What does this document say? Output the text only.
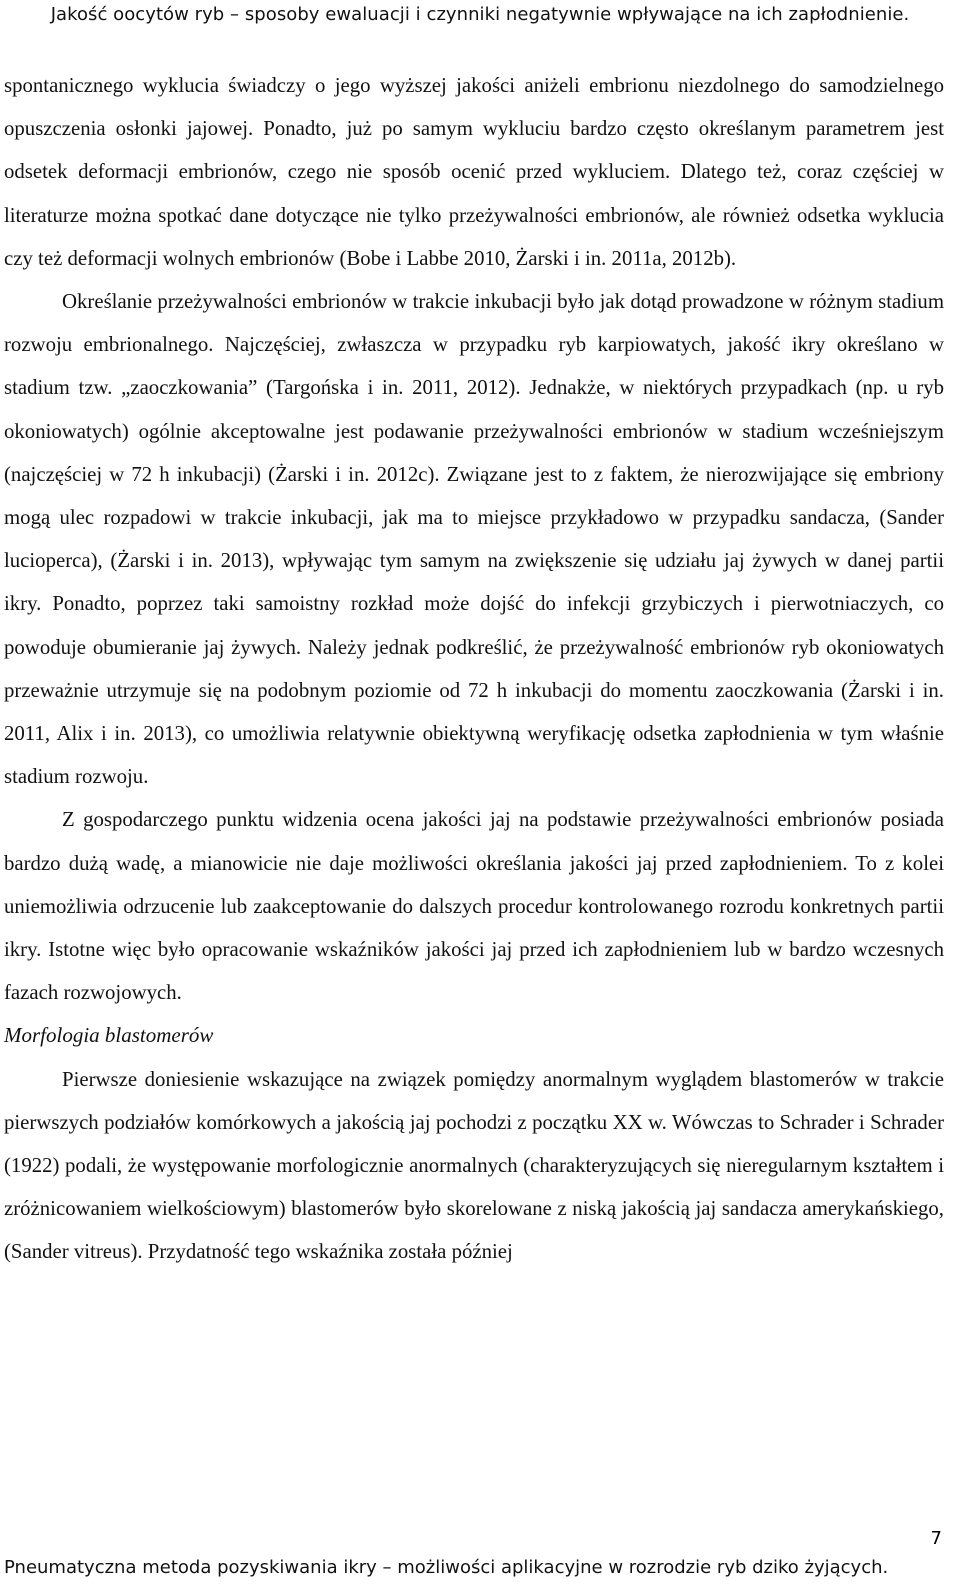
Jakość oocytów ryb – sposoby ewaluacji i czynniki negatywnie wpływające na ich zapłodnienie.

spontanicznego wyklucia świadczy o jego wyższej jakości aniżeli embrionu niezdolnego do samodzielnego opuszczenia osłonki jajowej. Ponadto, już po samym wykluciu bardzo często określanym parametrem jest odsetek deformacji embrionów, czego nie sposób ocenić przed wykluciem. Dlatego też, coraz częściej w literaturze można spotkać dane dotyczące nie tylko przeżywalności embrionów, ale również odsetka wyklucia czy też deformacji wolnych embrionów (Bobe i Labbe 2010, Żarski i in. 2011a, 2012b).

Określanie przeżywalności embrionów w trakcie inkubacji było jak dotąd prowadzone w różnym stadium rozwoju embrionalnego. Najczęściej, zwłaszcza w przypadku ryb karpiowatych, jakość ikry określano w stadium tzw. „zaoczkowania” (Targońska i in. 2011, 2012). Jednakże, w niektórych przypadkach (np. u ryb okoniowatych) ogólnie akceptowalne jest podawanie przeżywalności embrionów w stadium wcześniejszym (najczęściej w 72 h inkubacji) (Żarski i in. 2012c). Związane jest to z faktem, że nierozwijające się embriony mogą ulec rozpadowi w trakcie inkubacji, jak ma to miejsce przykładowo w przypadku sandacza, (Sander lucioperca), (Żarski i in. 2013), wpływając tym samym na zwiększenie się udziału jaj żywych w danej partii ikry. Ponadto, poprzez taki samoistny rozkład może dojść do infekcji grzybiczych i pierwotniaczych, co powoduje obumieranie jaj żywych. Należy jednak podkreślić, że przeżywalność embrionów ryb okoniowatych przeważnie utrzymuje się na podobnym poziomie od 72 h inkubacji do momentu zaoczkowania (Żarski i in. 2011, Alix i in. 2013), co umożliwia relatywnie obiektywną weryfikację odsetka zapłodnienia w tym właśnie stadium rozwoju.

Z gospodarczego punktu widzenia ocena jakości jaj na podstawie przeżywalności embrionów posiada bardzo dużą wadę, a mianowicie nie daje możliwości określania jakości jaj przed zapłodnieniem. To z kolei uniemożliwia odrzucenie lub zaakceptowanie do dalszych procedur kontrolowanego rozrodu konkretnych partii ikry. Istotne więc było opracowanie wskaźników jakości jaj przed ich zapłodnieniem lub w bardzo wczesnych fazach rozwojowych.

Morfologia blastomerów

Pierwsze doniesienie wskazujące na związek pomiędzy anormalnym wyglądem blastomerów w trakcie pierwszych podziałów komórkowych a jakością jaj pochodzi z początku XX w. Wówczas to Schrader i Schrader (1922) podali, że występowanie morfologicznie anormalnych (charakteryzujących się nieregularnym kształtem i zróżnicowaniem wielkościowym) blastomerów było skorelowane z niską jakością jaj sandacza amerykańskiego, (Sander vitreus). Przydatność tego wskaźnika została później

7
Pneumatyczna metoda pozyskiwania ikry – możliwości aplikacyjne w rozrodzie ryb dziko żyjących.
